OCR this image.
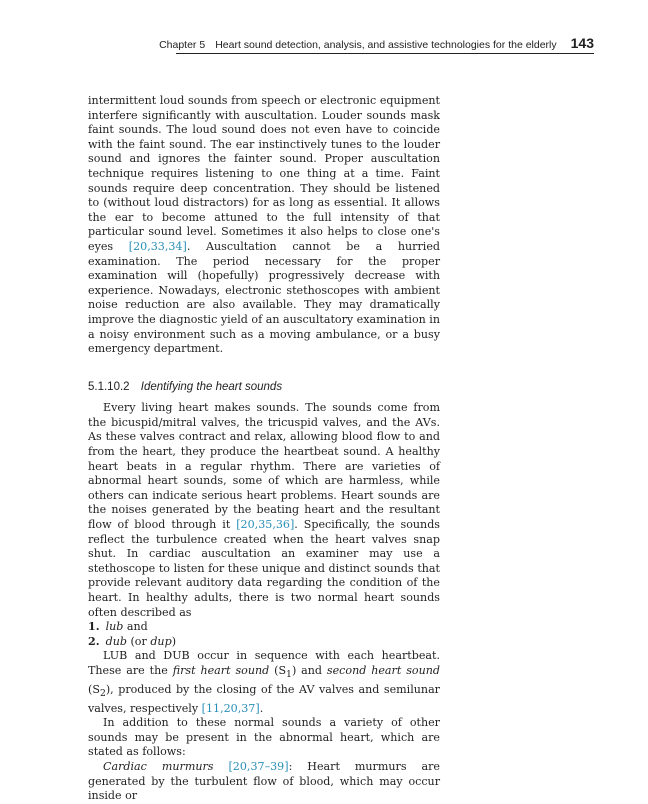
Chapter 5 Heart sound detection, analysis, and assistive technologies for the elderly 143

intermittent loud sounds from speech or electronic equipment interfere significantly with auscultation. Louder sounds mask faint sounds. The loud sound does not even have to coincide with the faint sound. The ear instinctively tunes to the louder sound and ignores the fainter sound. Proper auscultation technique requires listening to one thing at a time. Faint sounds require deep concentration. They should be listened to (without loud distractors) for as long as essential. It allows the ear to become attuned to the full intensity of that particular sound level. Sometimes it also helps to close one's eyes [20,33,34]. Auscultation cannot be a hurried examination. The period necessary for the proper examination will (hopefully) progressively decrease with experience. Nowadays, electronic stethoscopes with ambient noise reduction are also available. They may dramatically improve the diagnostic yield of an auscultatory examination in a noisy environment such as a moving ambulance, or a busy emergency department.

5.1.10.2 Identifying the heart sounds

Every living heart makes sounds. The sounds come from the bicuspid/mitral valves, the tricuspid valves, and the AVs. As these valves contract and relax, allowing blood flow to and from the heart, they produce the heartbeat sound. A healthy heart beats in a regular rhythm. There are varieties of abnormal heart sounds, some of which are harmless, while others can indicate serious heart problems. Heart sounds are the noises generated by the beating heart and the resultant flow of blood through it [20,35,36]. Specifically, the sounds reflect the turbulence created when the heart valves snap shut. In cardiac auscultation an examiner may use a stethoscope to listen for these unique and distinct sounds that provide relevant auditory data regarding the condition of the heart. In healthy adults, there is two normal heart sounds often described as

1. lub and
2. dub (or dup)

LUB and DUB occur in sequence with each heartbeat. These are the first heart sound $(S_1)$ and second heart sound $(S_2)$, produced by the closing of the AV valves and semilunar valves, respectively [11,20,37].

In addition to these normal sounds a variety of other sounds may be present in the abnormal heart, which are stated as follows:

Cardiac murmurs [20,37–39]: Heart murmurs are generated by the turbulent flow of blood, which may occur inside or
